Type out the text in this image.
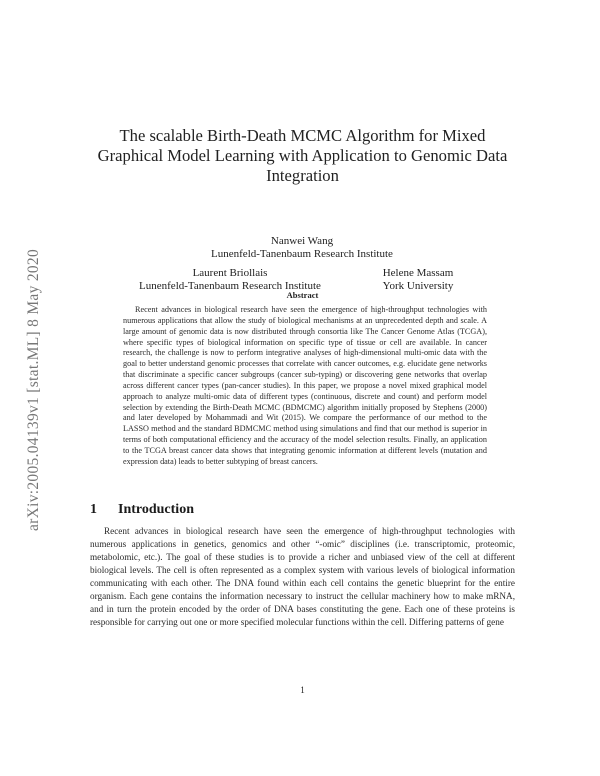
arXiv:2005.04139v1 [stat.ML] 8 May 2020
The scalable Birth-Death MCMC Algorithm for Mixed
Graphical Model Learning with Application to Genomic Data
Integration
Nanwei Wang
Lunenfeld-Tanenbaum Research Institute
Laurent Briollais
Lunenfeld-Tanenbaum Research Institute
Helene Massam
York University
Abstract

Recent advances in biological research have seen the emergence of high-throughput technologies with numerous applications that allow the study of biological mechanisms at an unprecedented depth and scale. A large amount of genomic data is now distributed through consortia like The Cancer Genome Atlas (TCGA), where specific types of biological information on specific type of tissue or cell are available. In cancer research, the challenge is now to perform integrative analyses of high-dimensional multi-omic data with the goal to better understand genomic processes that correlate with cancer outcomes, e.g. elucidate gene networks that discriminate a specific cancer subgroups (cancer sub-typing) or discovering gene networks that overlap across different cancer types (pan-cancer studies). In this paper, we propose a novel mixed graphical model approach to analyze multi-omic data of different types (continuous, discrete and count) and perform model selection by extending the Birth-Death MCMC (BDMCMC) algorithm initially proposed by Stephens (2000) and later developed by Mohammadi and Wit (2015). We compare the performance of our method to the LASSO method and the standard BDMCMC method using simulations and find that our method is superior in terms of both computational efficiency and the accuracy of the model selection results. Finally, an application to the TCGA breast cancer data shows that integrating genomic information at different levels (mutation and expression data) leads to better subtyping of breast cancers.

1 Introduction

Recent advances in biological research have seen the emergence of high-throughput technologies with numerous applications in genetics, genomics and other “-omic” disciplines (i.e. transcriptomic, proteomic, metabolomic, etc.). The goal of these studies is to provide a richer and unbiased view of the cell at different biological levels. The cell is often represented as a complex system with various levels of biological information communicating with each other. The DNA found within each cell contains the genetic blueprint for the entire organism. Each gene contains the information necessary to instruct the cellular machinery how to make mRNA, and in turn the protein encoded by the order of DNA bases constituting the gene. Each one of these proteins is responsible for carrying out one or more specified molecular functions within the cell. Differing patterns of gene

1
